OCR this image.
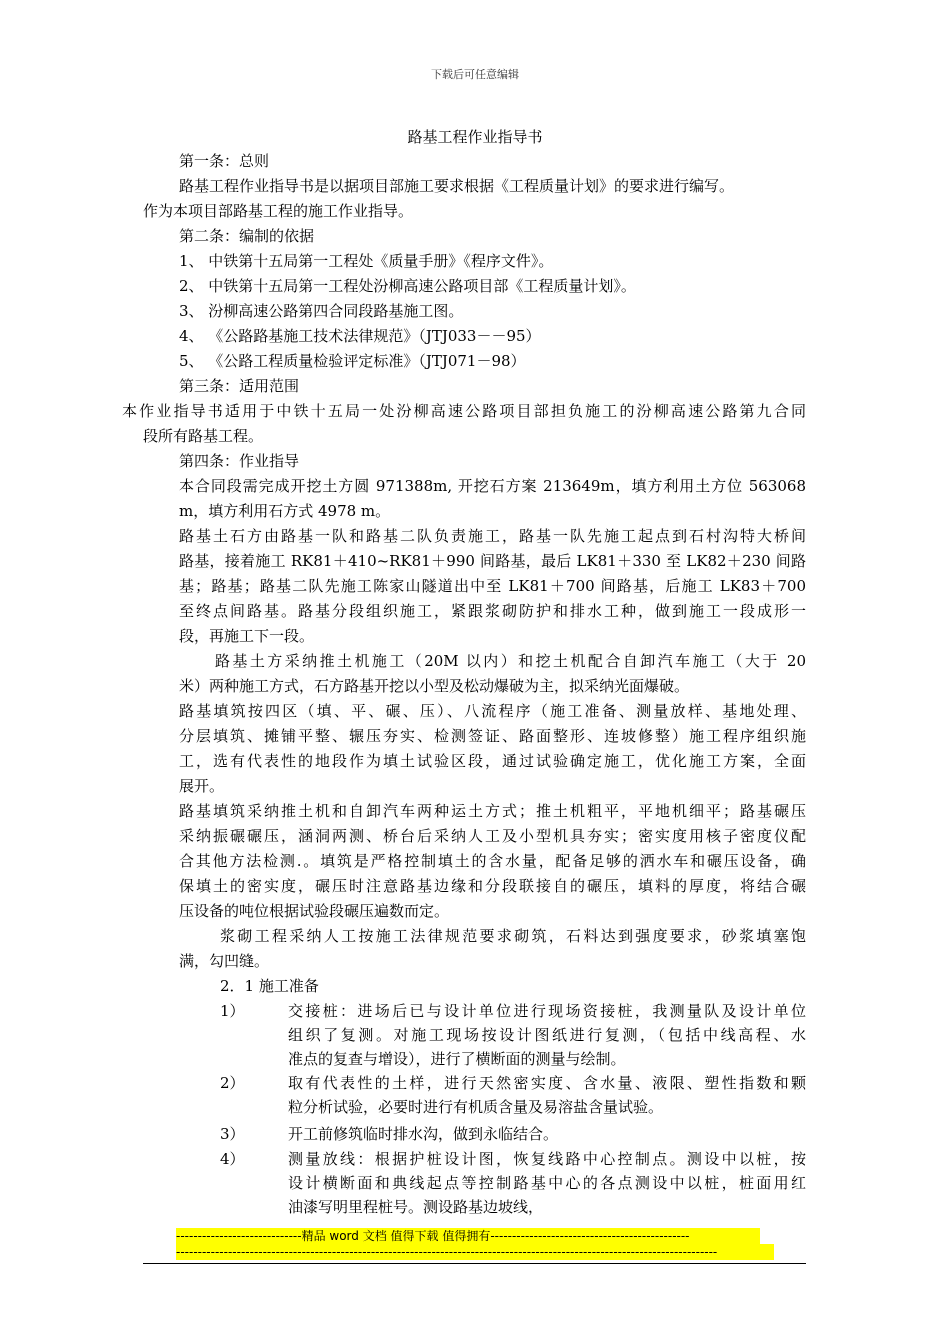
下载后可任意编辑
路基工程作业指导书
第一条：总则
路基工程作业指导书是以据项目部施工要求根据《工程质量计划》的要求进行编写。
作为本项目部路基工程的施工作业指导。
第二条：编制的依据
1、 中铁第十五局第一工程处《质量手册》《程序文件》。
2、 中铁第十五局第一工程处汾柳高速公路项目部《工程质量计划》。
3、 汾柳高速公路第四合同段路基施工图。
4、 《公路路基施工技术法律规范》（JTJ033－－95）
5、 《公路工程质量检验评定标准》（JTJ071－98）
第三条：适用范围
本作业指导书适用于中铁十五局一处汾柳高速公路项目部担负施工的汾柳高速公路第九合同
段所有路基工程。
第四条：作业指导
本合同段需完成开挖土方圆 971388m, 开挖石方案 213649m，填方利用土方位 563068
m，填方利用石方式 4978 m。
路基土石方由路基一队和路基二队负责施工，路基一队先施工起点到石村沟特大桥间
路基，接着施工 RK81＋410~RK81＋990 间路基，最后 LK81＋330 至 LK82＋230 间路
基；路基；路基二队先施工陈家山隧道出中至 LK81＋700 间路基，后施工 LK83＋700
至终点间路基。路基分段组织施工，紧跟浆砌防护和排水工种，做到施工一段成形一
段，再施工下一段。
路基土方采纳推土机施工（20M 以内）和挖土机配合自卸汽车施工（大于 20
米）两种施工方式，石方路基开挖以小型及松动爆破为主，拟采纳光面爆破。
路基填筑按四区（填、平、碾、压）、八流程序（施工准备、测量放样、基地处理、
分层填筑、摊铺平整、辗压夯实、检测签证、路面整形、连坡修整）施工程序组织施
工，选有代表性的地段作为填土试验区段，通过试验确定施工，优化施工方案，全面
展开。
路基填筑采纳推土机和自卸汽车两种运土方式；推土机粗平，平地机细平；路基碾压
采纳振碾碾压，涵洞两测、桥台后采纳人工及小型机具夯实；密实度用核子密度仪配
合其他方法检测.。填筑是严格控制填土的含水量，配备足够的洒水车和碾压设备，确
保填土的密实度，碾压时注意路基边缘和分段联接自的碾压，填料的厚度，将结合碾
压设备的吨位根据试验段碾压遍数而定。
浆砌工程采纳人工按施工法律规范要求砌筑，石料达到强度要求，砂浆填塞饱
满，勾凹缝。
2．1 施工准备
1）	交接桩：进场后已与设计单位进行现场资接桩，我测量队及设计单位
组织了复测。对施工现场按设计图纸进行复测，（包括中线高程、水
准点的复查与增设），进行了横断面的测量与绘制。
2）	取有代表性的土样，进行天然密实度、含水量、液限、塑性指数和颗
粒分析试验，必要时进行有机质含量及易溶盐含量试验。
3）	开工前修筑临时排水沟，做到永临结合。
4）	测量放线：根据护桩设计图，恢复线路中心控制点。测设中以桩，按
设计横断面和典线起点等控制路基中心的各点测设中以桩，桩面用红
油漆写明里程桩号。测设路基边坡线，
-----------------------------精品 word 文档 值得下载 值得拥有----------------------------------------------
-----------------------------------------------------------------------------------------------------------------------------
